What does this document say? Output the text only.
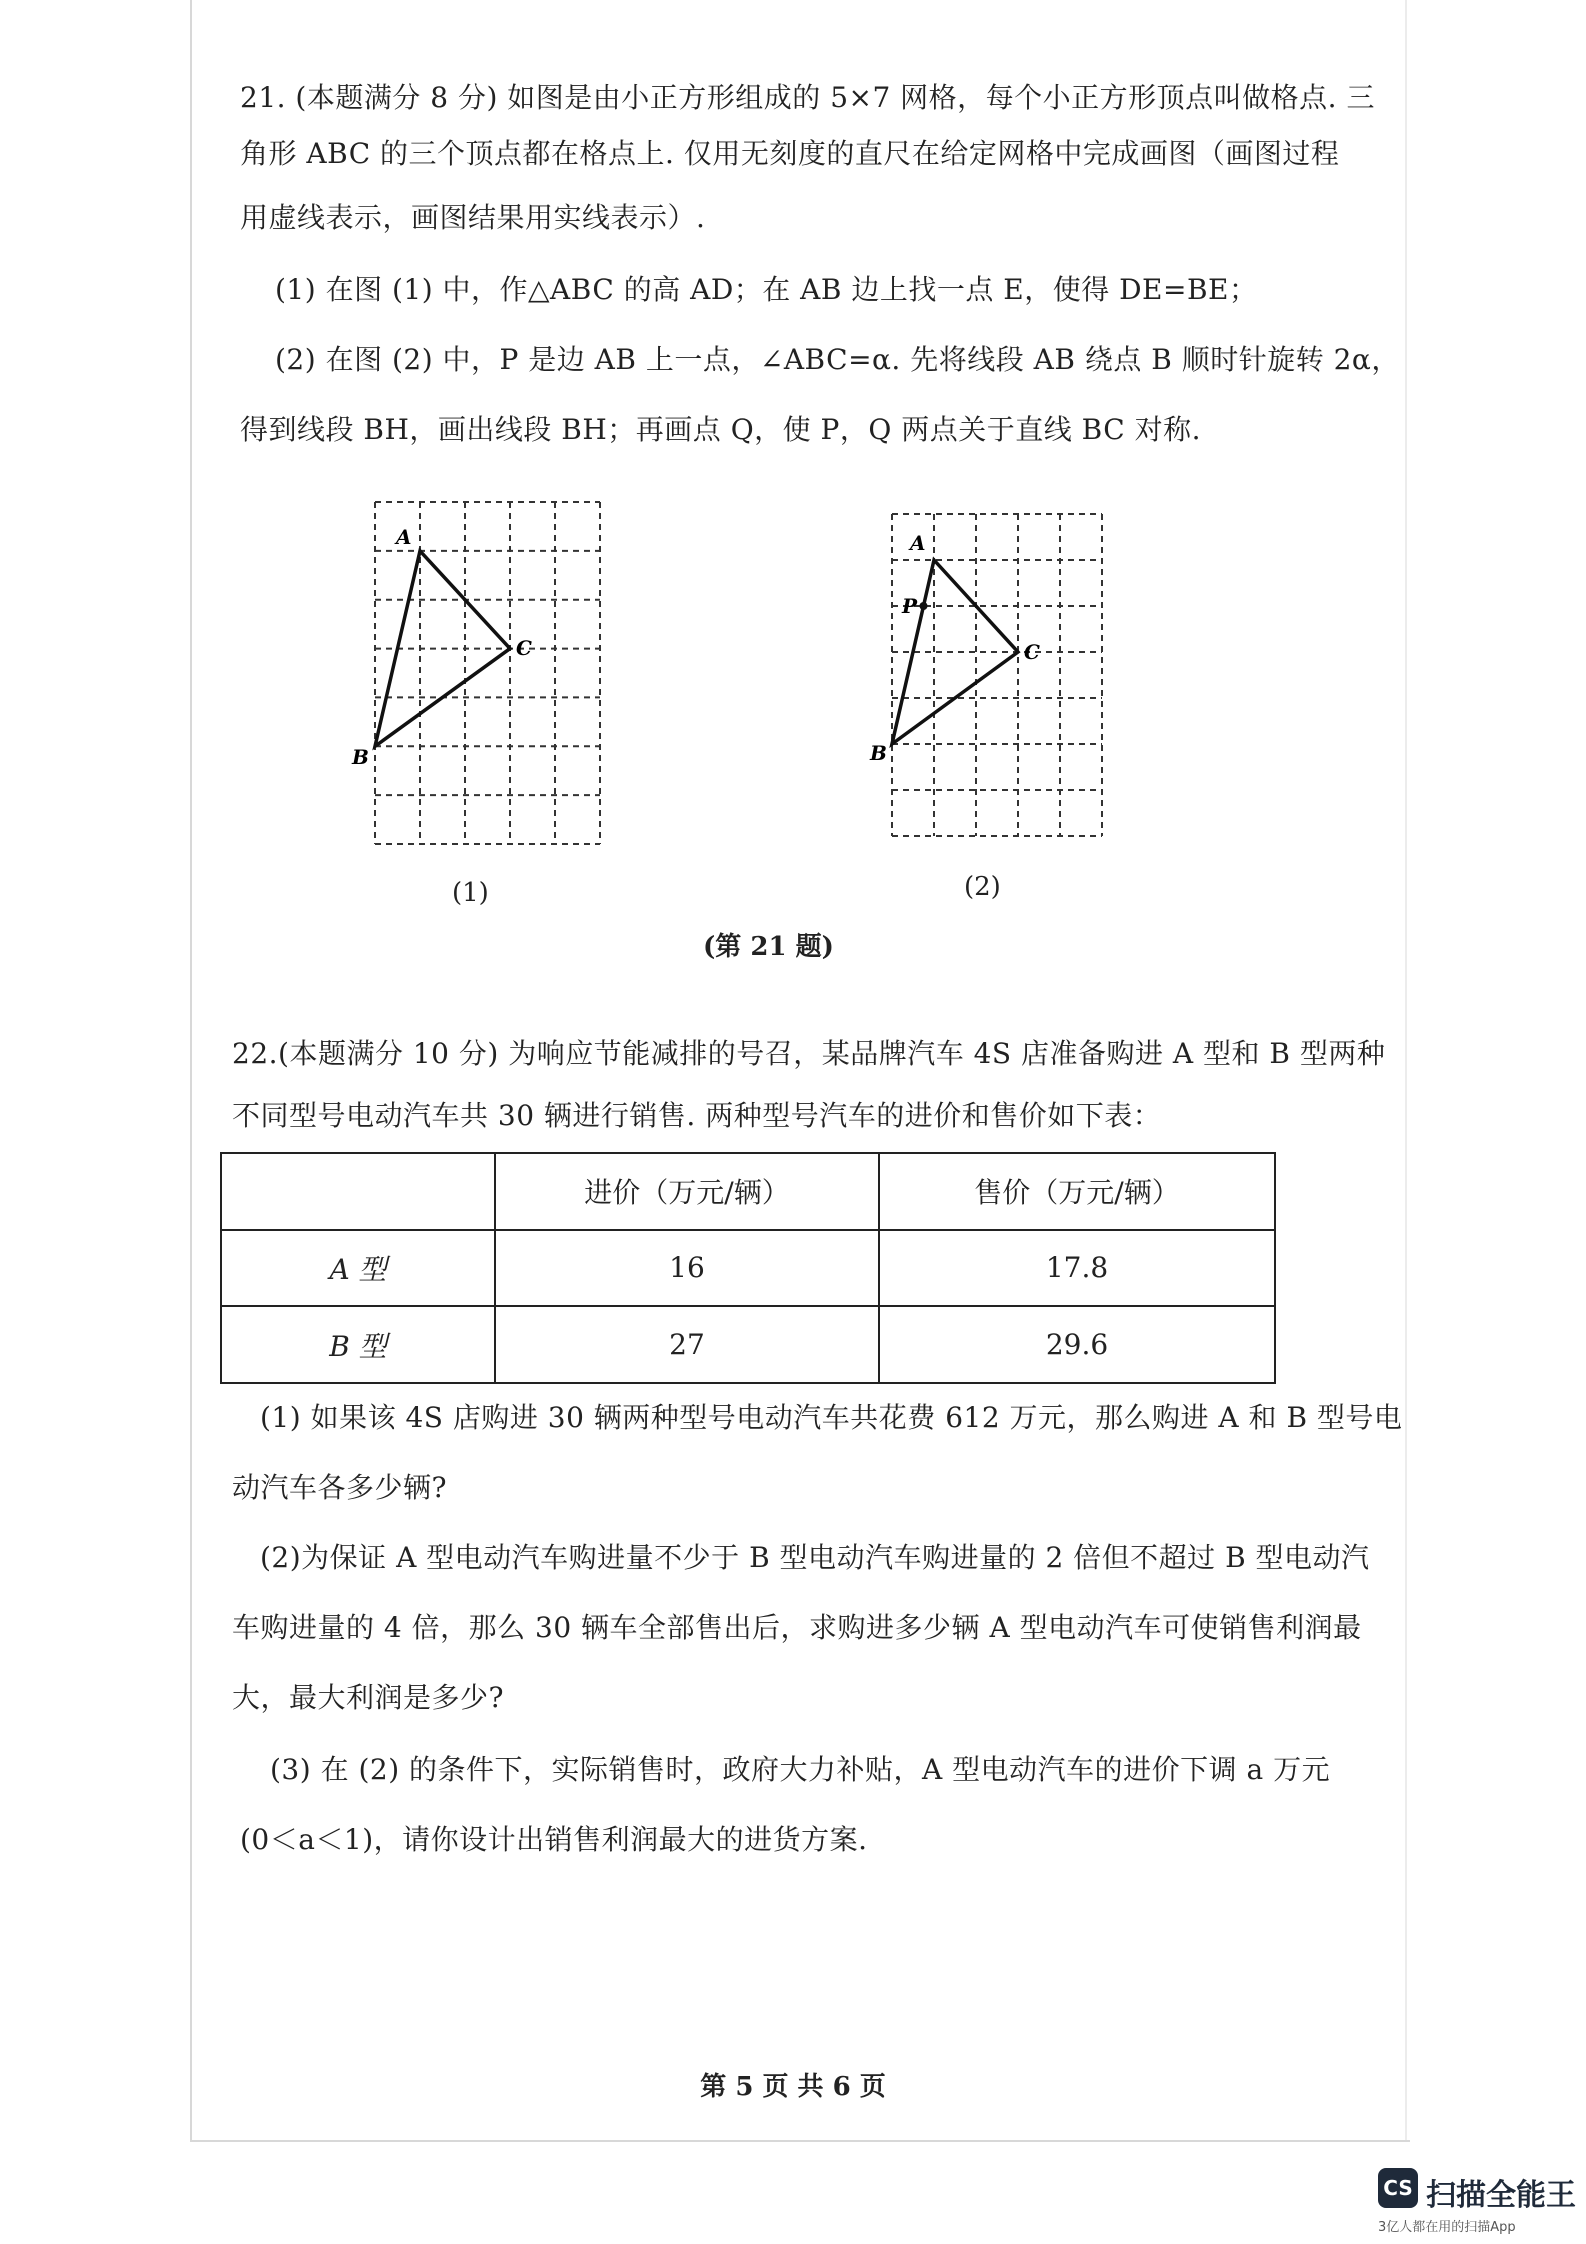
21. (本题满分 8 分) 如图是由小正方形组成的 5×7 网格，每个小正方形顶点叫做格点. 三
角形 ABC 的三个顶点都在格点上. 仅用无刻度的直尺在给定网格中完成画图（画图过程
用虚线表示，画图结果用实线表示）.
(1) 在图 (1) 中，作△ABC 的高 AD；在 AB 边上找一点 E，使得 DE=BE；
(2) 在图 (2) 中，P 是边 AB 上一点，∠ABC=α. 先将线段 AB 绕点 B 顺时针旋转 2α，
得到线段 BH，画出线段 BH；再画点 Q，使 P，Q 两点关于直线 BC 对称.
A
C
B
(1)
A
P
C
B
(2)
(第 21 题)
22.(本题满分 10 分) 为响应节能减排的号召，某品牌汽车 4S 店准备购进 A 型和 B 型两种
不同型号电动汽车共 30 辆进行销售. 两种型号汽车的进价和售价如下表：
	进价（万元/辆）	售价（万元/辆）
A 型	16	17.8
B 型	27	29.6
(1) 如果该 4S 店购进 30 辆两种型号电动汽车共花费 612 万元，那么购进 A 和 B 型号电
动汽车各多少辆?
(2)为保证 A 型电动汽车购进量不少于 B 型电动汽车购进量的 2 倍但不超过 B 型电动汽
车购进量的 4 倍，那么 30 辆车全部售出后，求购进多少辆 A 型电动汽车可使销售利润最
大，最大利润是多少?
(3) 在 (2) 的条件下，实际销售时，政府大力补贴，A 型电动汽车的进价下调 a 万元
(0＜a＜1)，请你设计出销售利润最大的进货方案.
第 5 页 共 6 页
CS 扫描全能王
3亿人都在用的扫描App
